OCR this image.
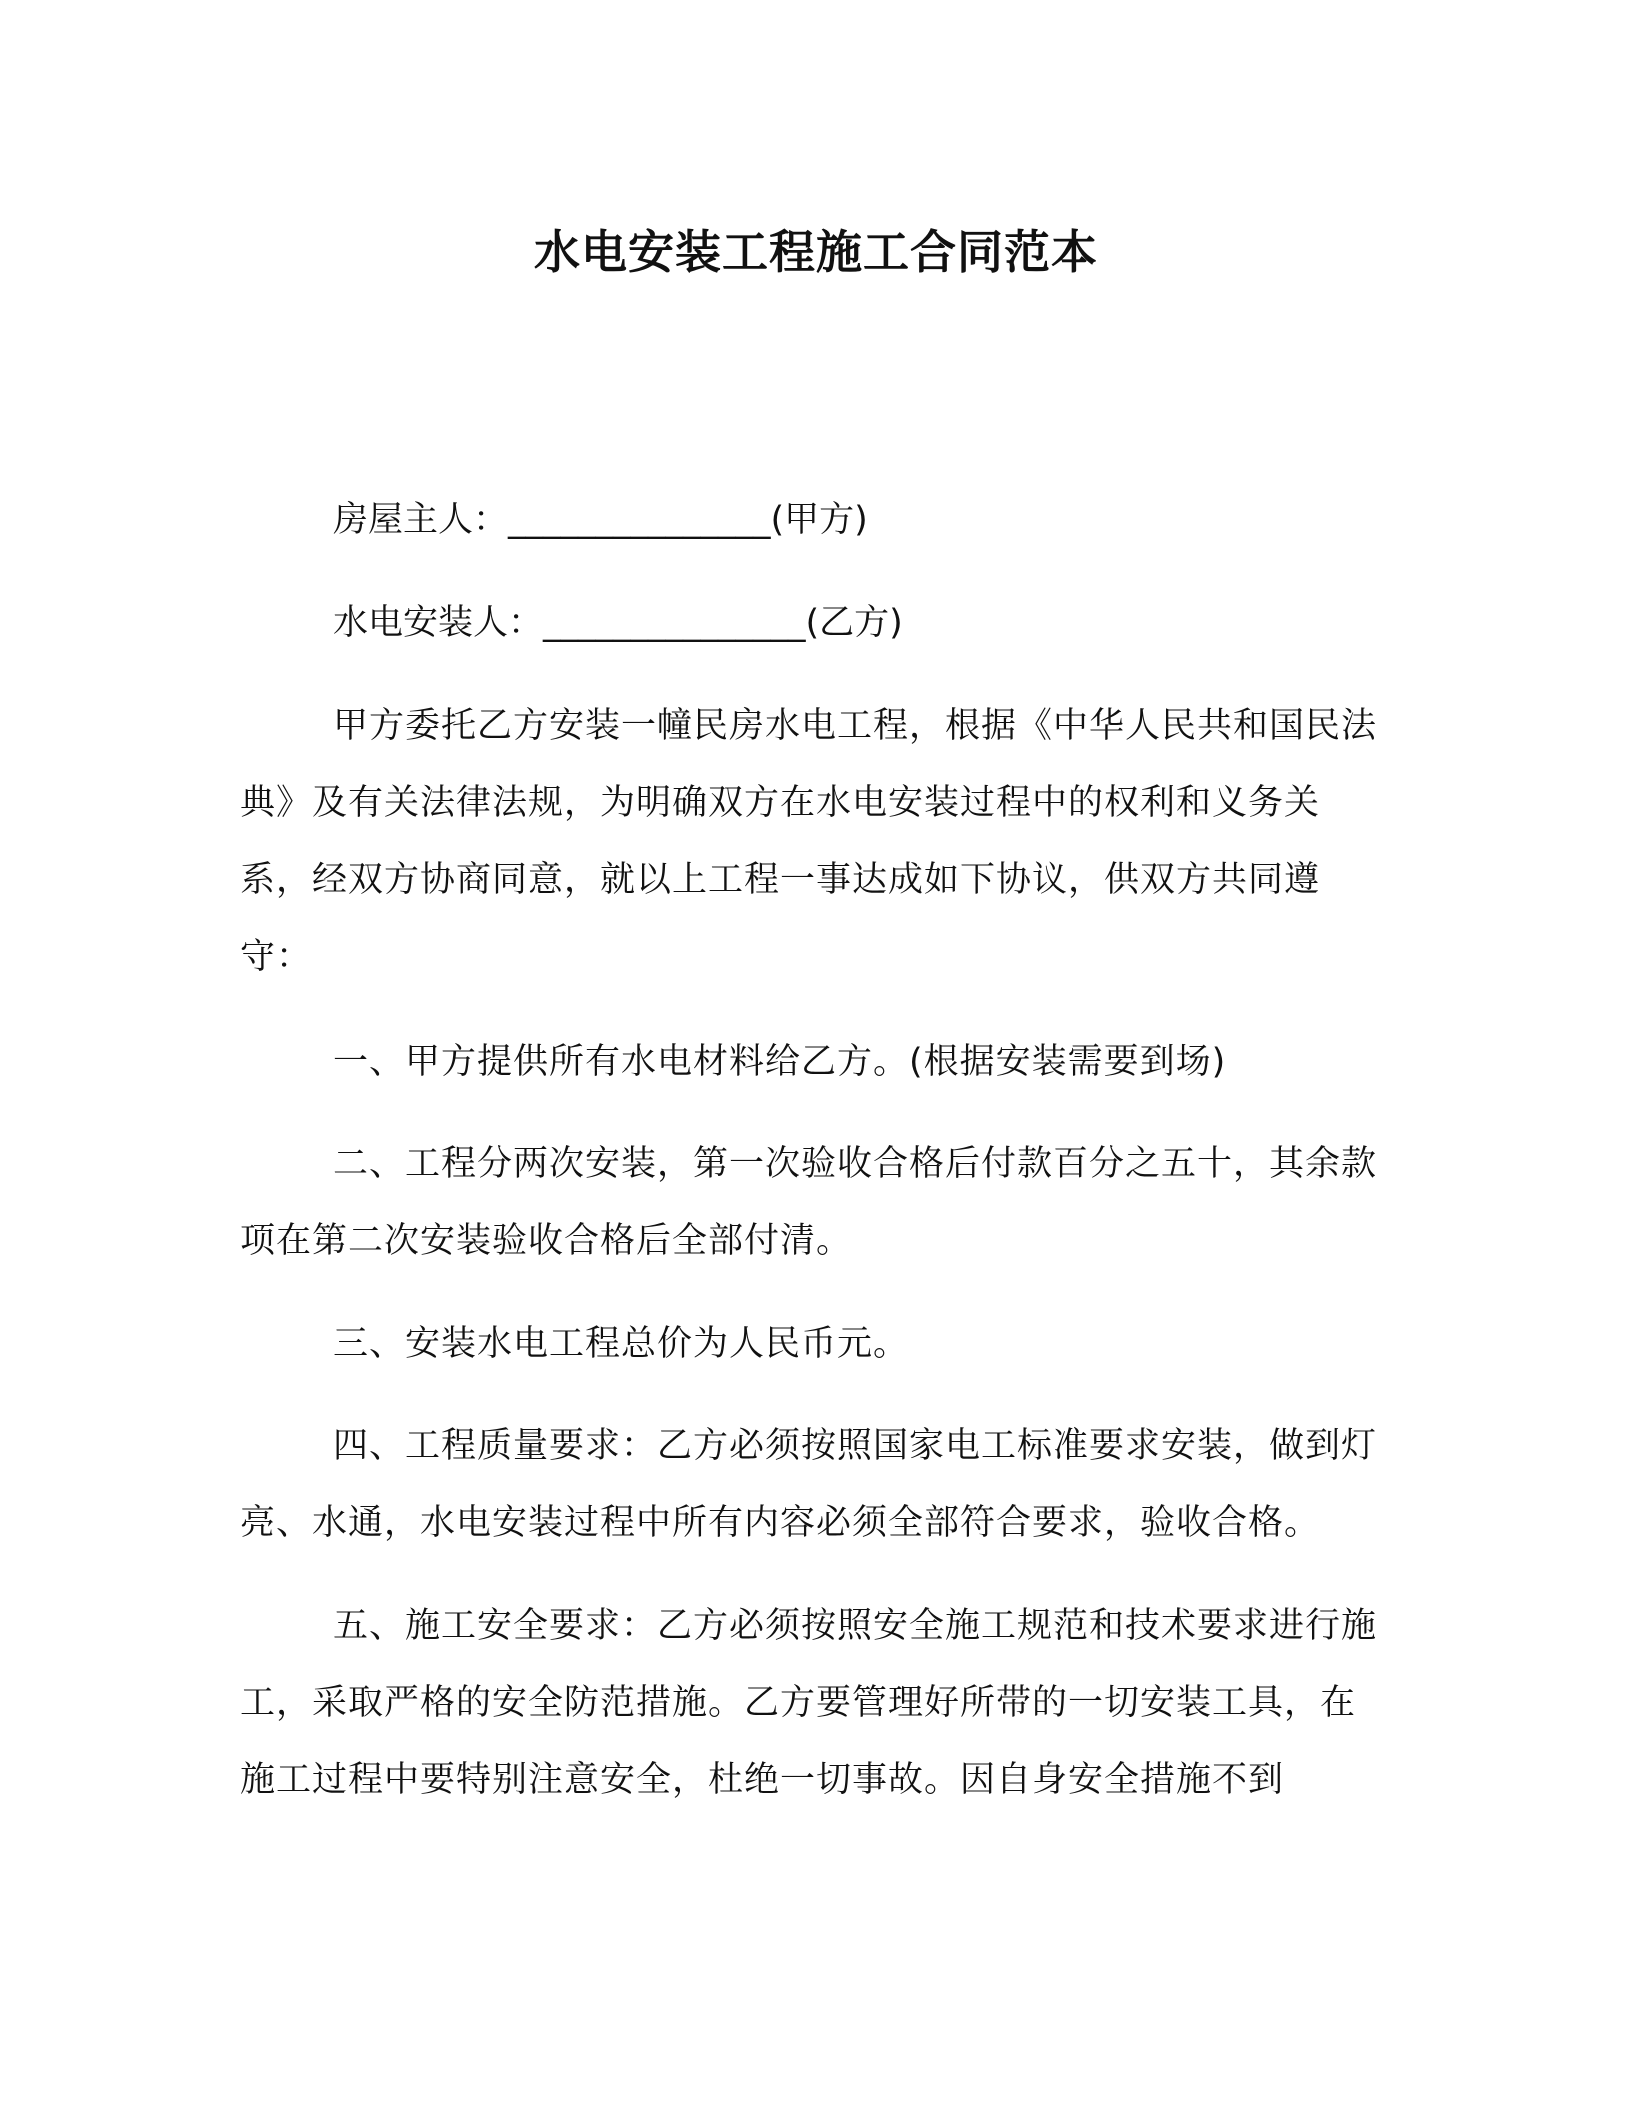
水电安装工程施工合同范本
房屋主人：_______________(甲方)
水电安装人：_______________(乙方)
甲方委托乙方安装一幢民房水电工程，根据《中华人民共和国民法典》及有关法律法规，为明确双方在水电安装过程中的权利和义务关系，经双方协商同意，就以上工程一事达成如下协议，供双方共同遵守：
一、甲方提供所有水电材料给乙方。(根据安装需要到场)
二、工程分两次安装，第一次验收合格后付款百分之五十，其余款项在第二次安装验收合格后全部付清。
三、安装水电工程总价为人民币元。
四、工程质量要求：乙方必须按照国家电工标准要求安装，做到灯亮、水通，水电安装过程中所有内容必须全部符合要求，验收合格。
五、施工安全要求：乙方必须按照安全施工规范和技术要求进行施工，采取严格的安全防范措施。乙方要管理好所带的一切安装工具，在施工过程中要特别注意安全，杜绝一切事故。因自身安全措施不到
